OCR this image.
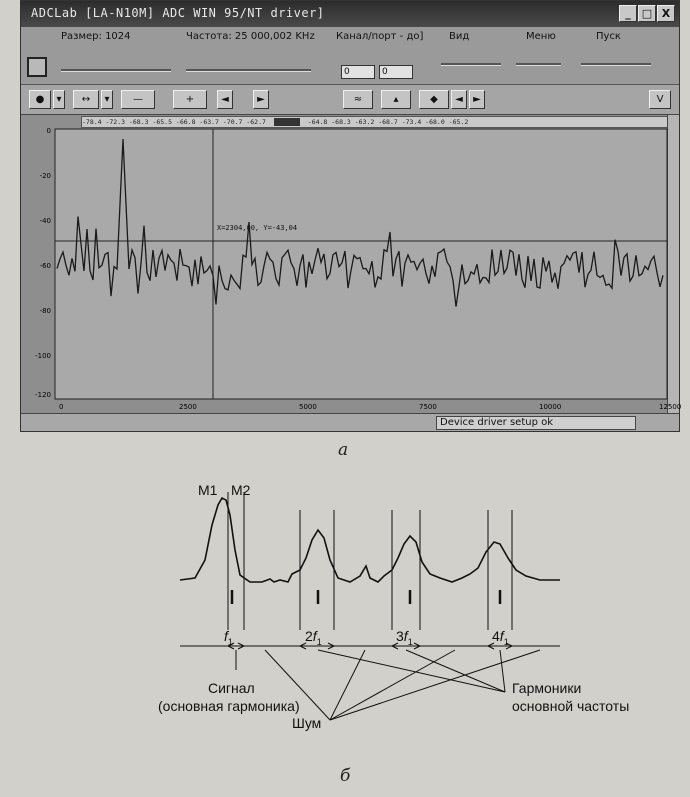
ADCLab [LA-N10M] ADC WIN 95/NT driver]	_	□ X
Размер: 1024	Частота: 25 000,002 KHz Канал/порт - до]
0	0
Вид	Меню	Пуск
●	▾	↔	▾	—	+	◄	►	≈	▴	◆	◄	►	V
-78.4 -72.3 -68.3 -65.5 -66.8 -63.7 -70.7 -62.7	-64.8 -68.3 -63.2 -68.7 -73.4 -68.0 -65.2
0
-20
-40
-60
-80
-100
-120
0	2500	5000	7500	10000	12500
X=2304,00, Y=-43,04
Device driver setup ok
а
M1 M2
$f_1$	$2f_1$	$3f_1$	$4f_1$
Сигнал
(основная гармоника)
Шум
Гармоники
основной частоты
б
